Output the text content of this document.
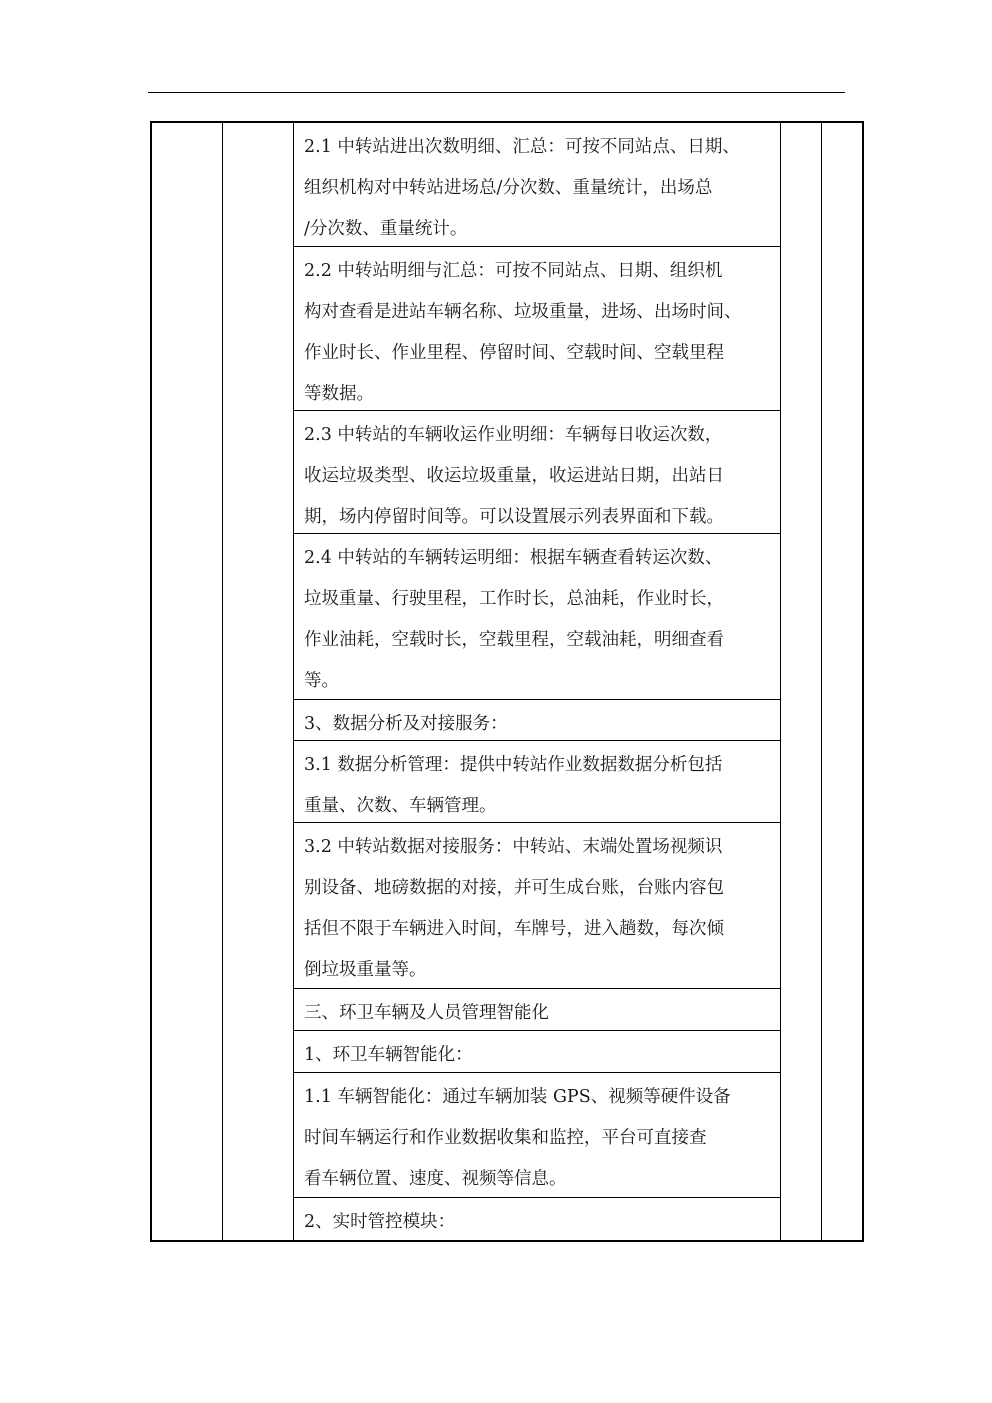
2.1 中转站进出次数明细、汇总：可按不同站点、日期、
组织机构对中转站进场总/分次数、重量统计，出场总
/分次数、重量统计。
2.2 中转站明细与汇总：可按不同站点、日期、组织机
构对查看是进站车辆名称、垃圾重量，进场、出场时间、
作业时长、作业里程、停留时间、空载时间、空载里程
等数据。
2.3 中转站的车辆收运作业明细：车辆每日收运次数，
收运垃圾类型、收运垃圾重量，收运进站日期，出站日
期，场内停留时间等。可以设置展示列表界面和下载。
2.4 中转站的车辆转运明细：根据车辆查看转运次数、
垃圾重量、行驶里程，工作时长，总油耗，作业时长，
作业油耗，空载时长，空载里程，空载油耗，明细查看
等。
3、数据分析及对接服务：
3.1 数据分析管理：提供中转站作业数据数据分析包括
重量、次数、车辆管理。
3.2 中转站数据对接服务：中转站、末端处置场视频识
别设备、地磅数据的对接，并可生成台账，台账内容包
括但不限于车辆进入时间，车牌号，进入趟数，每次倾
倒垃圾重量等。
三、环卫车辆及人员管理智能化
1、环卫车辆智能化：
1.1 车辆智能化：通过车辆加装 GPS、视频等硬件设备
时间车辆运行和作业数据收集和监控，平台可直接查
看车辆位置、速度、视频等信息。
2、实时管控模块：
